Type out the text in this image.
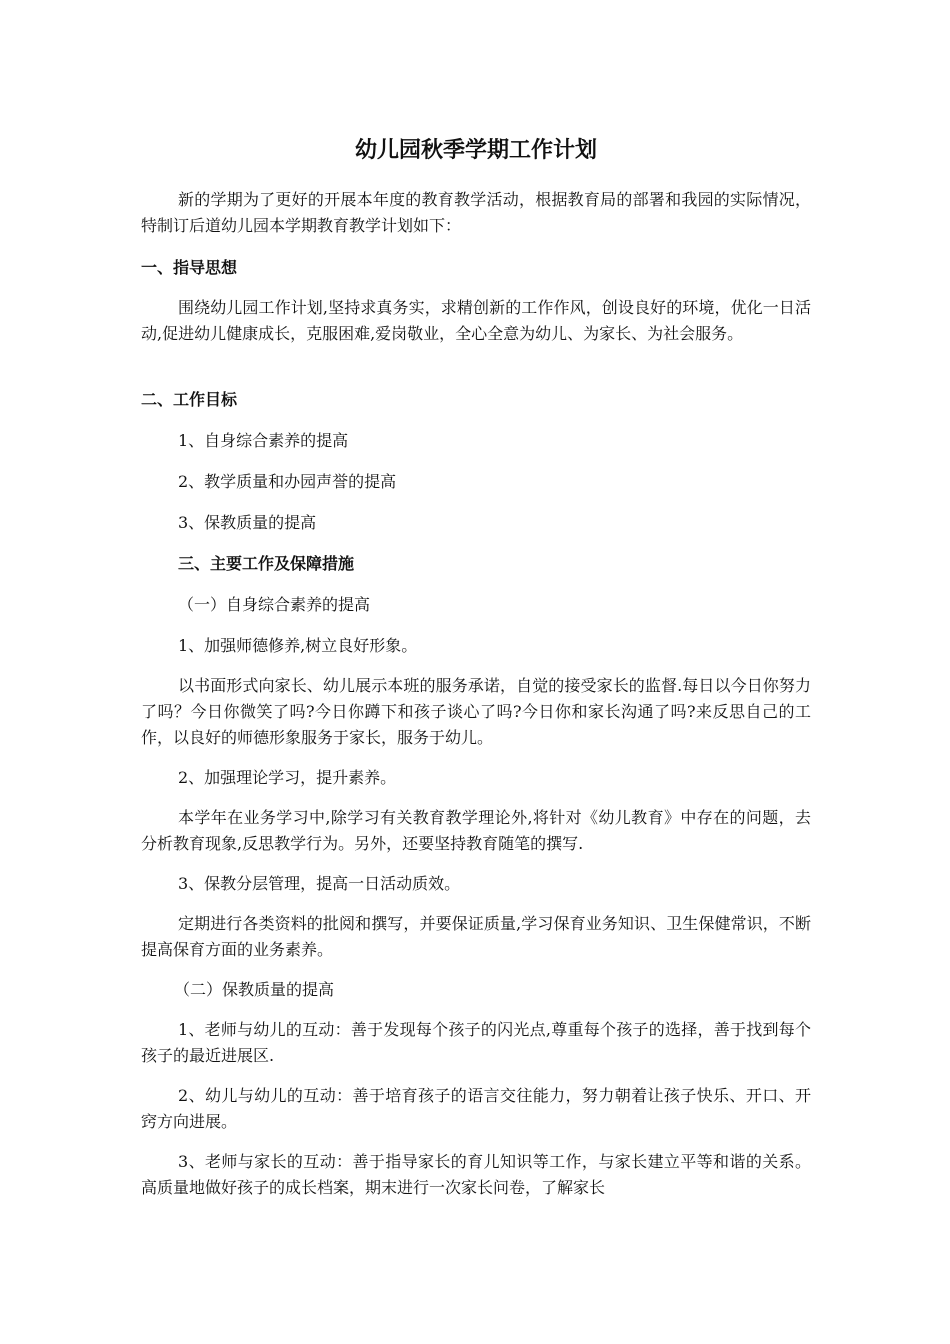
幼儿园秋季学期工作计划

新的学期为了更好的开展本年度的教育教学活动，根据教育局的部署和我园的实际情况，特制订后道幼儿园本学期教育教学计划如下：

一、指导思想

围绕幼儿园工作计划,坚持求真务实，求精创新的工作作风，创设良好的环境，优化一日活动,促进幼儿健康成长，克服困难,爱岗敬业，全心全意为幼儿、为家长、为社会服务。

二、工作目标

1、自身综合素养的提高

2、教学质量和办园声誉的提高

3、保教质量的提高

三、主要工作及保障措施

（一）自身综合素养的提高

1、加强师德修养,树立良好形象。

以书面形式向家长、幼儿展示本班的服务承诺，自觉的接受家长的监督.每日以今日你努力了吗？今日你微笑了吗?今日你蹲下和孩子谈心了吗?今日你和家长沟通了吗?来反思自己的工作，以良好的师德形象服务于家长，服务于幼儿。

2、加强理论学习，提升素养。

本学年在业务学习中,除学习有关教育教学理论外,将针对《幼儿教育》中存在的问题，去分析教育现象,反思教学行为。另外，还要坚持教育随笔的撰写.

3、保教分层管理，提高一日活动质效。

定期进行各类资料的批阅和撰写，并要保证质量,学习保育业务知识、卫生保健常识，不断提高保育方面的业务素养。

（二）保教质量的提高

1、老师与幼儿的互动：善于发现每个孩子的闪光点,尊重每个孩子的选择，善于找到每个孩子的最近进展区.

2、幼儿与幼儿的互动：善于培育孩子的语言交往能力，努力朝着让孩子快乐、开口、开窍方向进展。

3、老师与家长的互动：善于指导家长的育儿知识等工作，与家长建立平等和谐的关系。高质量地做好孩子的成长档案，期末进行一次家长问卷，了解家长
